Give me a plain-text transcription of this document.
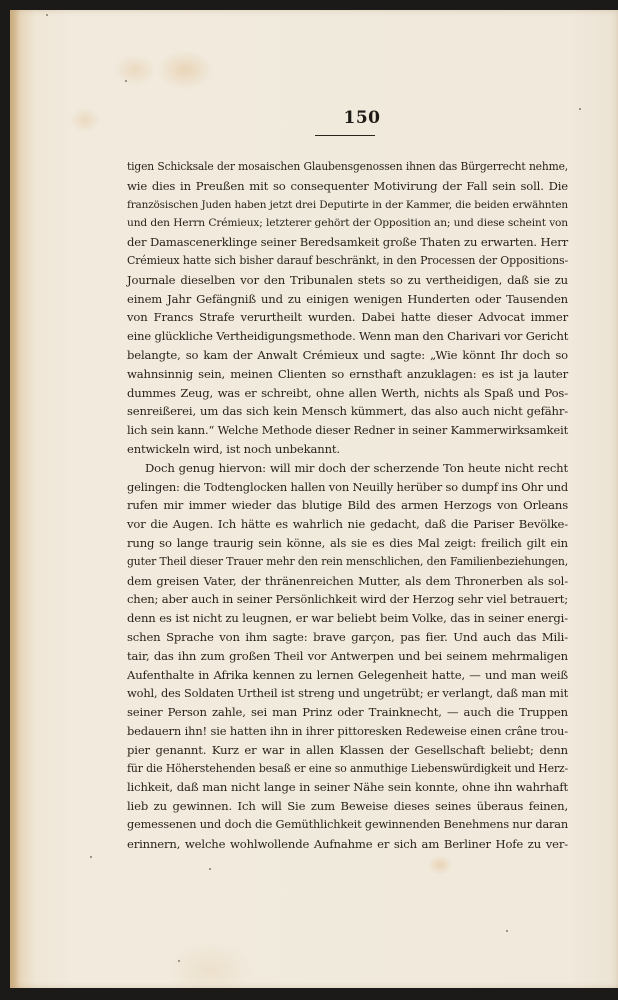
150
tigen Schicksale der mosaischen Glaubensgenossen ihnen das Bürgerrecht nehme,
wie dies in Preußen mit so consequenter Motivirung der Fall sein soll. Die
französischen Juden haben jetzt drei Deputirte in der Kammer, die beiden erwähnten
und den Herrn Crémieux; letzterer gehört der Opposition an; und diese scheint von
der Damascenerklinge seiner Beredsamkeit große Thaten zu erwarten. Herr
Crémieux hatte sich bisher darauf beschränkt, in den Processen der Oppositions-
Journale dieselben vor den Tribunalen stets so zu vertheidigen, daß sie zu
einem Jahr Gefängniß und zu einigen wenigen Hunderten oder Tausenden
von Francs Strafe verurtheilt wurden. Dabei hatte dieser Advocat immer
eine glückliche Vertheidigungsmethode. Wenn man den Charivari vor Gericht
belangte, so kam der Anwalt Crémieux und sagte: „Wie könnt Ihr doch so
wahnsinnig sein, meinen Clienten so ernsthaft anzuklagen: es ist ja lauter
dummes Zeug, was er schreibt, ohne allen Werth, nichts als Spaß und Pos-
senreißerei, um das sich kein Mensch kümmert, das also auch nicht gefähr-
lich sein kann.“ Welche Methode dieser Redner in seiner Kammerwirksamkeit
entwickeln wird, ist noch unbekannt.
Doch genug hiervon: will mir doch der scherzende Ton heute nicht recht
gelingen: die Todtenglocken hallen von Neuilly herüber so dumpf ins Ohr und
rufen mir immer wieder das blutige Bild des armen Herzogs von Orleans
vor die Augen. Ich hätte es wahrlich nie gedacht, daß die Pariser Bevölke-
rung so lange traurig sein könne, als sie es dies Mal zeigt: freilich gilt ein
guter Theil dieser Trauer mehr den rein menschlichen, den Familienbeziehungen,
dem greisen Vater, der thränenreichen Mutter, als dem Thronerben als sol-
chen; aber auch in seiner Persönlichkeit wird der Herzog sehr viel betrauert;
denn es ist nicht zu leugnen, er war beliebt beim Volke, das in seiner energi-
schen Sprache von ihm sagte: brave garçon, pas fier. Und auch das Mili-
tair, das ihn zum großen Theil vor Antwerpen und bei seinem mehrmaligen
Aufenthalte in Afrika kennen zu lernen Gelegenheit hatte, — und man weiß
wohl, des Soldaten Urtheil ist streng und ungetrübt; er verlangt, daß man mit
seiner Person zahle, sei man Prinz oder Trainknecht, — auch die Truppen
bedauern ihn! sie hatten ihn in ihrer pittoresken Redeweise einen crâne trou-
pier genannt. Kurz er war in allen Klassen der Gesellschaft beliebt; denn
für die Höherstehenden besaß er eine so anmuthige Liebenswürdigkeit und Herz-
lichkeit, daß man nicht lange in seiner Nähe sein konnte, ohne ihn wahrhaft
lieb zu gewinnen. Ich will Sie zum Beweise dieses seines überaus feinen,
gemessenen und doch die Gemüthlichkeit gewinnenden Benehmens nur daran
erinnern, welche wohlwollende Aufnahme er sich am Berliner Hofe zu ver-
